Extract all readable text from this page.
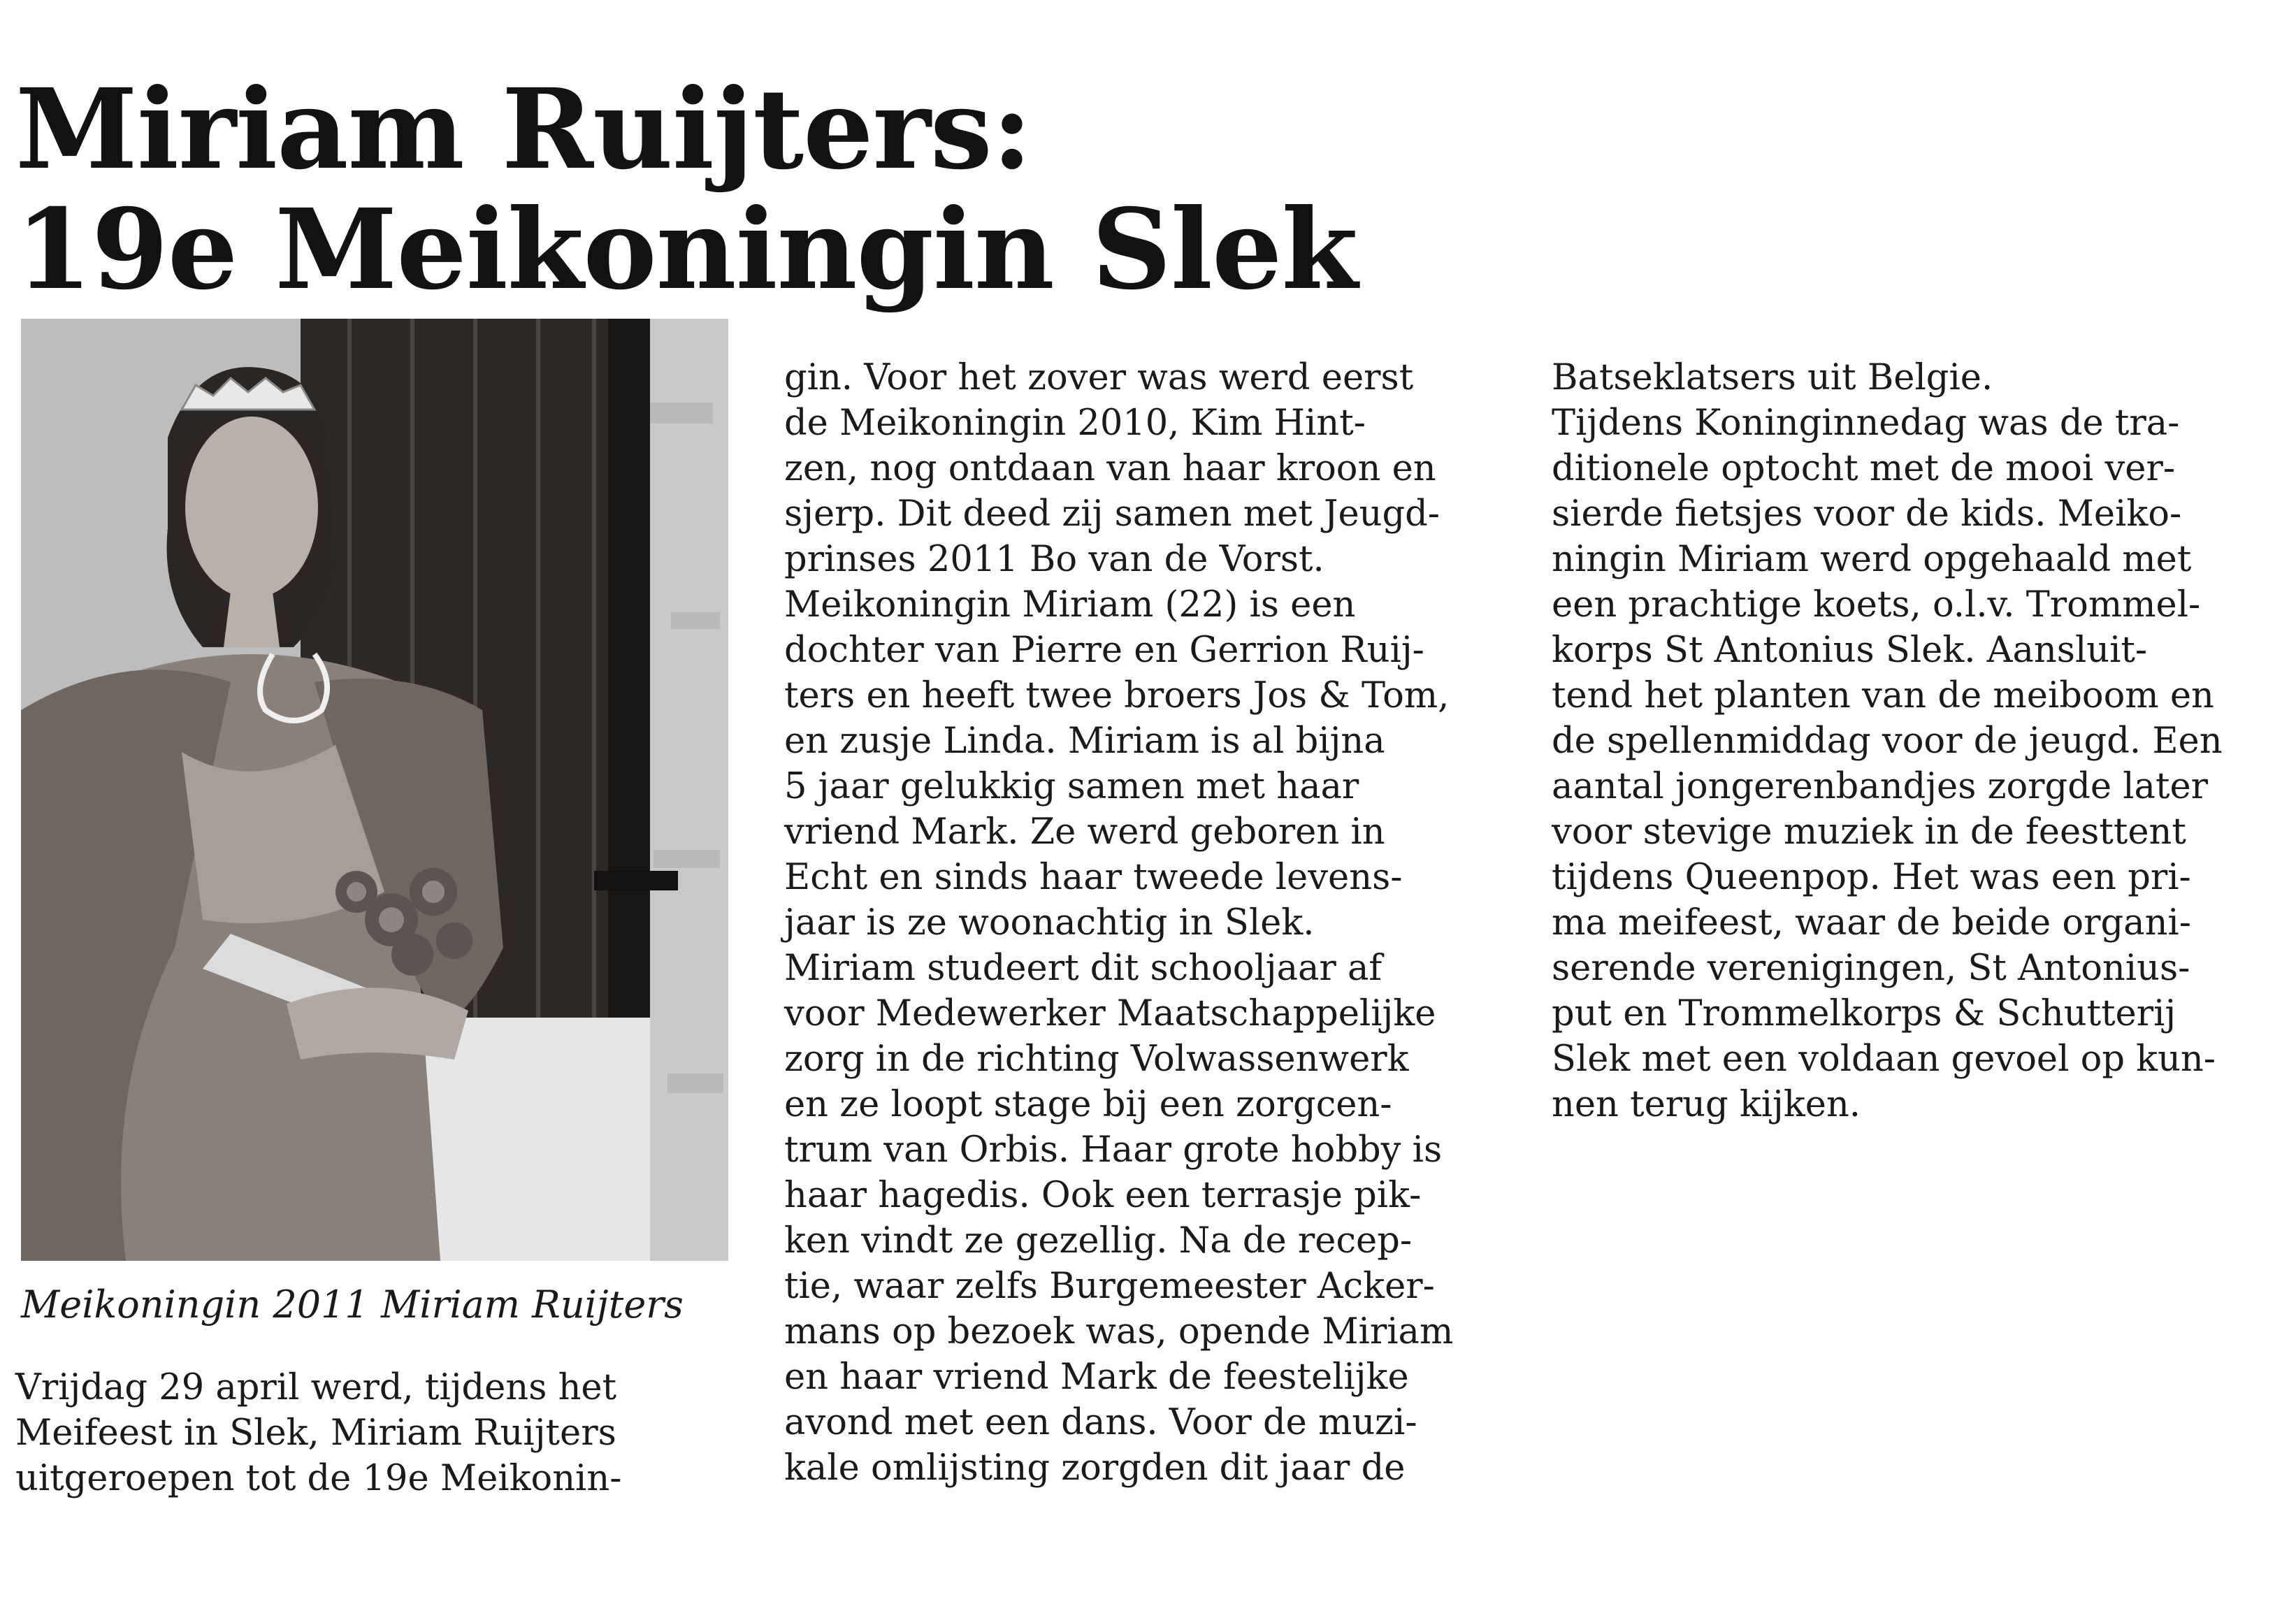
Miriam Ruijters:
19e Meikoningin Slek
Meikoningin 2011 Miriam Ruijters

Vrijdag 29 april werd, tijdens het

Meifeest in Slek, Miriam Ruijters

uitgeroepen tot de 19e Meikonin-

gin. Voor het zover was werd eerst

de Meikoningin 2010, Kim Hint-

zen, nog ontdaan van haar kroon en

sjerp. Dit deed zij samen met Jeugd-

prinses 2011 Bo van de Vorst.

Meikoningin Miriam (22) is een

dochter van Pierre en Gerrion Ruij-

ters en heeft twee broers Jos & Tom,

en zusje Linda. Miriam is al bijna

5 jaar gelukkig samen met haar

vriend Mark. Ze werd geboren in

Echt en sinds haar tweede levens-

jaar is ze woonachtig in Slek.

Miriam studeert dit schooljaar af

voor Medewerker Maatschappelijke

zorg in de richting Volwassenwerk

en ze loopt stage bij een zorgcen-

trum van Orbis. Haar grote hobby is

haar hagedis. Ook een terrasje pik-

ken vindt ze gezellig. Na de recep-

tie, waar zelfs Burgemeester Acker-

mans op bezoek was, opende Miriam

en haar vriend Mark de feestelijke

avond met een dans. Voor de muzi-

kale omlijsting zorgden dit jaar de

Batseklatsers uit Belgie.

Tijdens Koninginnedag was de tra-

ditionele optocht met de mooi ver-

sierde fietsjes voor de kids. Meiko-

ningin Miriam werd opgehaald met

een prachtige koets, o.l.v. Trommel-

korps St Antonius Slek. Aansluit-

tend het planten van de meiboom en

de spellenmiddag voor de jeugd. Een

aantal jongerenbandjes zorgde later

voor stevige muziek in de feesttent

tijdens Queenpop. Het was een pri-

ma meifeest, waar de beide organi-

serende verenigingen, St Antonius-

put en Trommelkorps & Schutterij

Slek met een voldaan gevoel op kun-

nen terug kijken.
